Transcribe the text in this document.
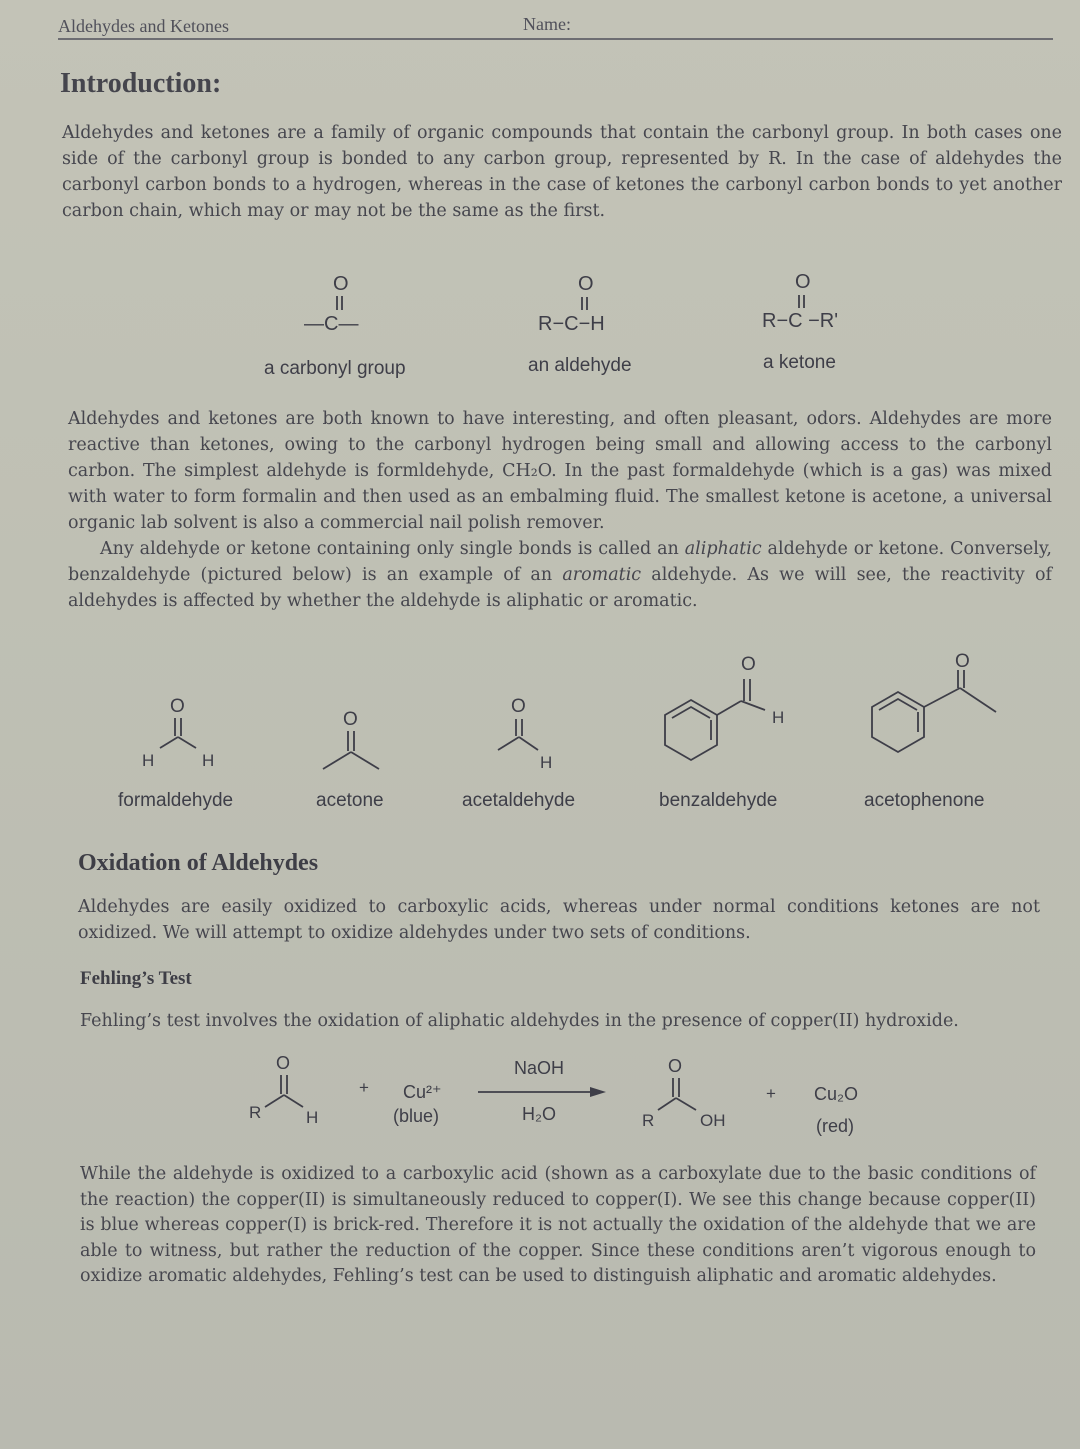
Aldehydes and Ketones	Name:
Introduction:

Aldehydes and ketones are a family of organic compounds that contain the carbonyl group. In both cases one side of the carbonyl group is bonded to any carbon group, represented by R. In the case of aldehydes the carbonyl carbon bonds to a hydrogen, whereas in the case of ketones the carbonyl carbon bonds to yet another carbon chain, which may or may not be the same as the first.

O
—C—
a carbonyl group
O
R−C−H
an aldehyde
O
R−C −R'
a ketone

Aldehydes and ketones are both known to have interesting, and often pleasant, odors. Aldehydes are more reactive than ketones, owing to the carbonyl hydrogen being small and allowing access to the carbonyl carbon. The simplest aldehyde is formldehyde, CH₂O. In the past formaldehyde (which is a gas) was mixed with water to form formalin and then used as an embalming fluid. The smallest ketone is acetone, a universal organic lab solvent is also a commercial nail polish remover.

Any aldehyde or ketone containing only single bonds is called an aliphatic aldehyde or ketone. Conversely, benzaldehyde (pictured below) is an example of an aromatic aldehyde. As we will see, the reactivity of aldehydes is affected by whether the aldehyde is aliphatic or aromatic.

O
H	H
formaldehyde
O
acetone
O
H
acetaldehyde
O
H
benzaldehyde
O
acetophenone
Oxidation of Aldehydes

Aldehydes are easily oxidized to carboxylic acids, whereas under normal conditions ketones are not oxidized. We will attempt to oxidize aldehydes under two sets of conditions.

Fehling’s Test

Fehling’s test involves the oxidation of aliphatic aldehydes in the presence of copper(II) hydroxide.

O
R	H
+ Cu²⁺
(blue)
NaOH
H₂O
O
R	OH
+ Cu₂O
(red)

While the aldehyde is oxidized to a carboxylic acid (shown as a carboxylate due to the basic conditions of the reaction) the copper(II) is simultaneously reduced to copper(I). We see this change because copper(II) is blue whereas copper(I) is brick-red. Therefore it is not actually the oxidation of the aldehyde that we are able to witness, but rather the reduction of the copper. Since these conditions aren’t vigorous enough to oxidize aromatic aldehydes, Fehling’s test can be used to distinguish aliphatic and aromatic aldehydes.
